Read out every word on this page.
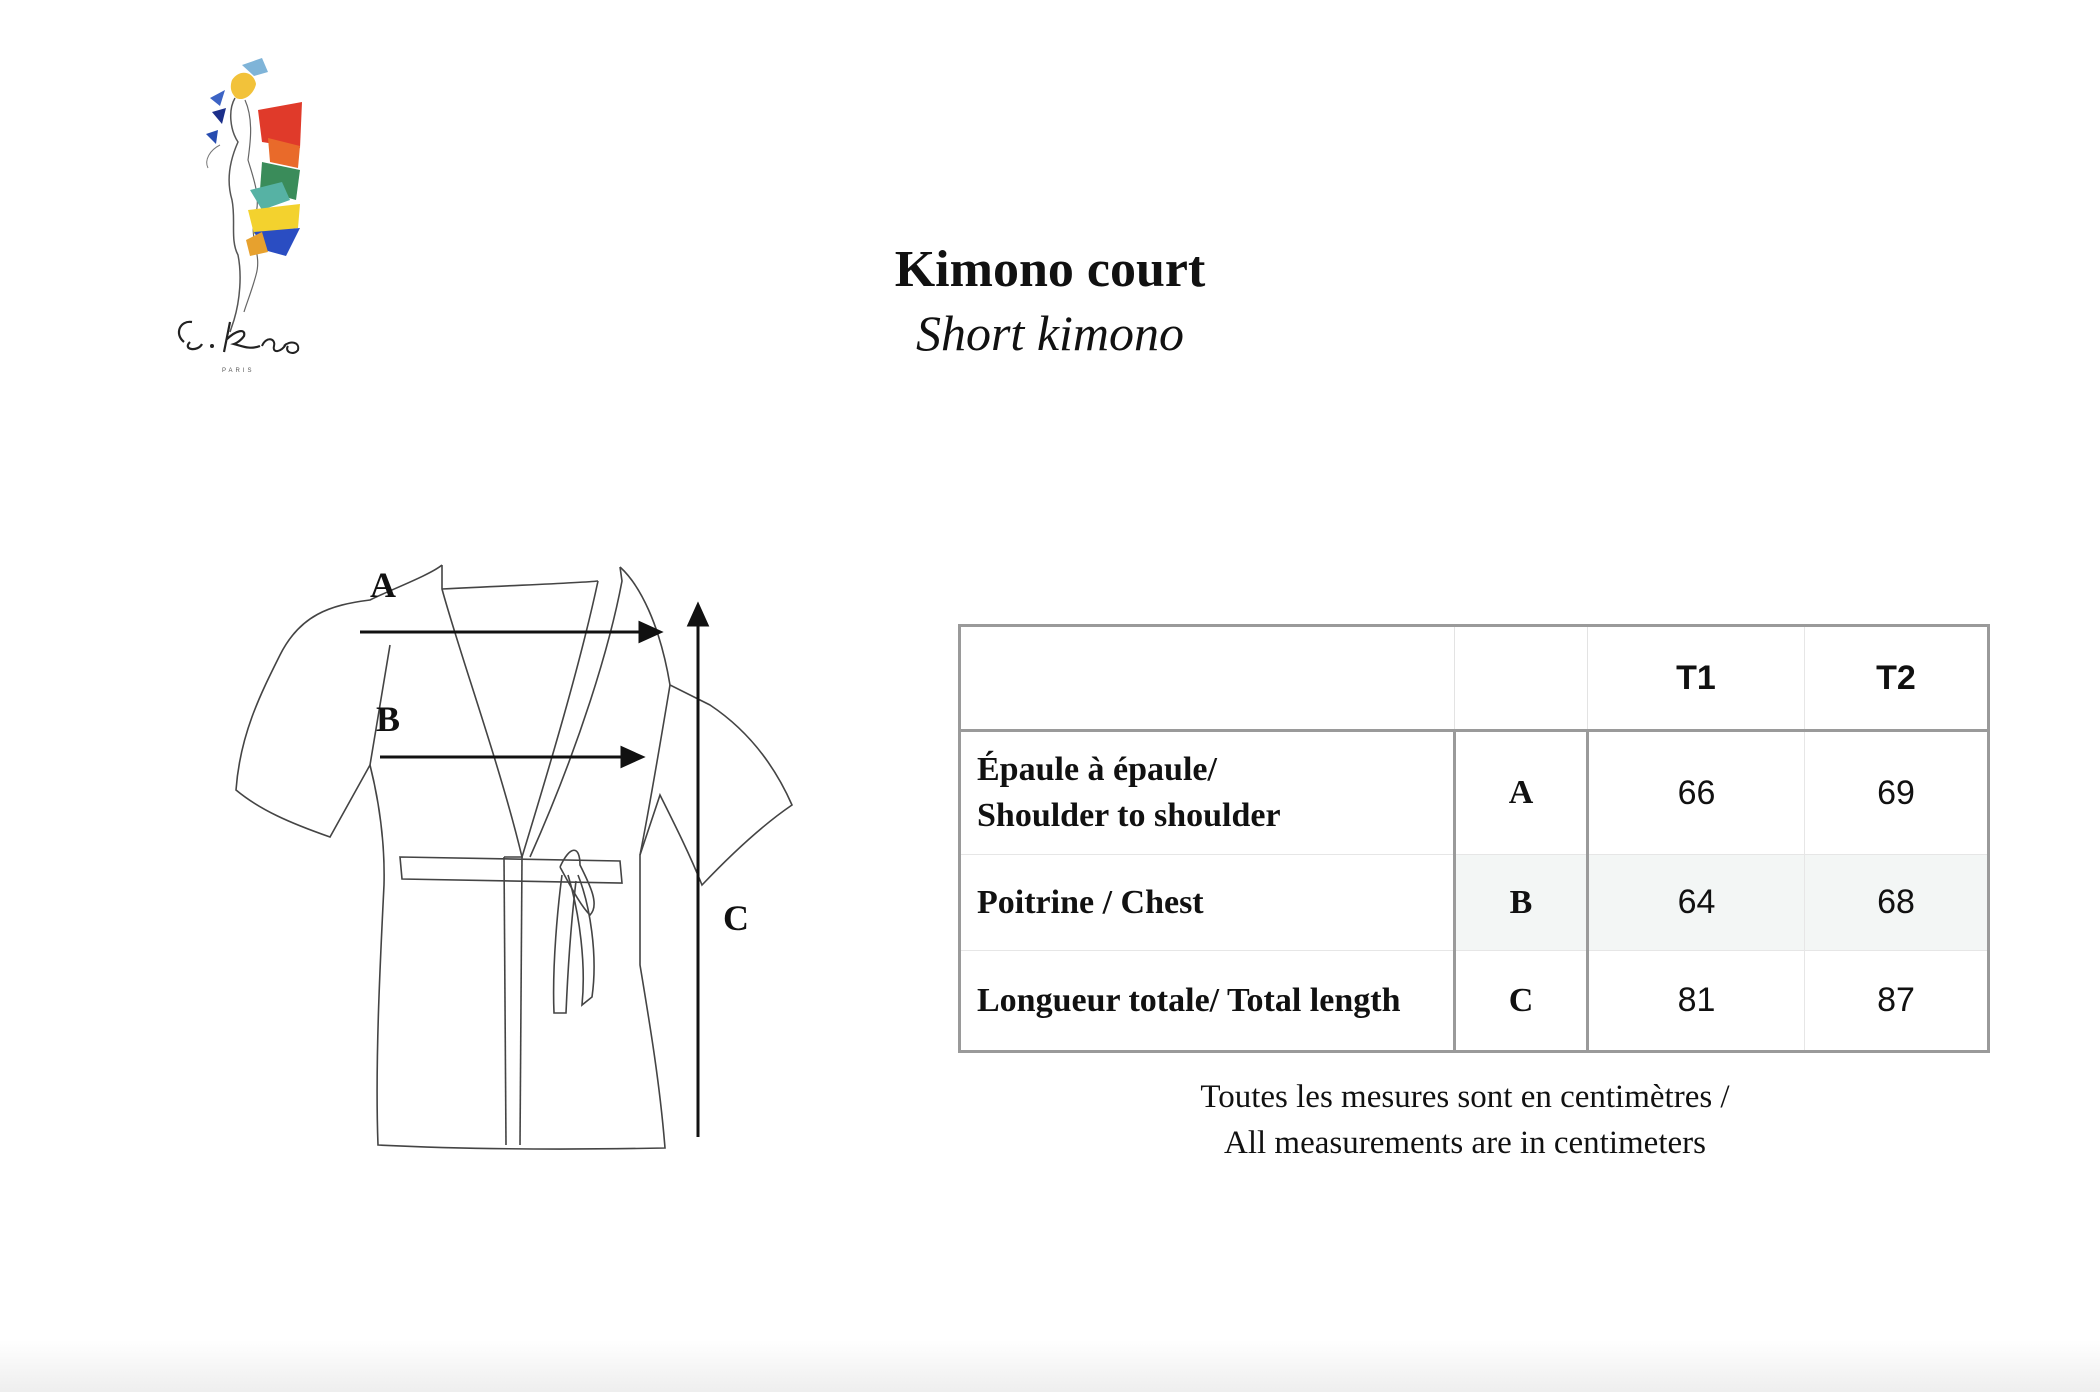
PARIS
Kimono court
Short kimono
A
B
C
		T1	T2

Épaule à épaule/
Shoulder to shoulder	A	66	69
Poitrine / Chest	B	64	68
Longueur totale/ Total length	C	81	87
Toutes les mesures sont en centimètres /
All measurements are in centimeters
